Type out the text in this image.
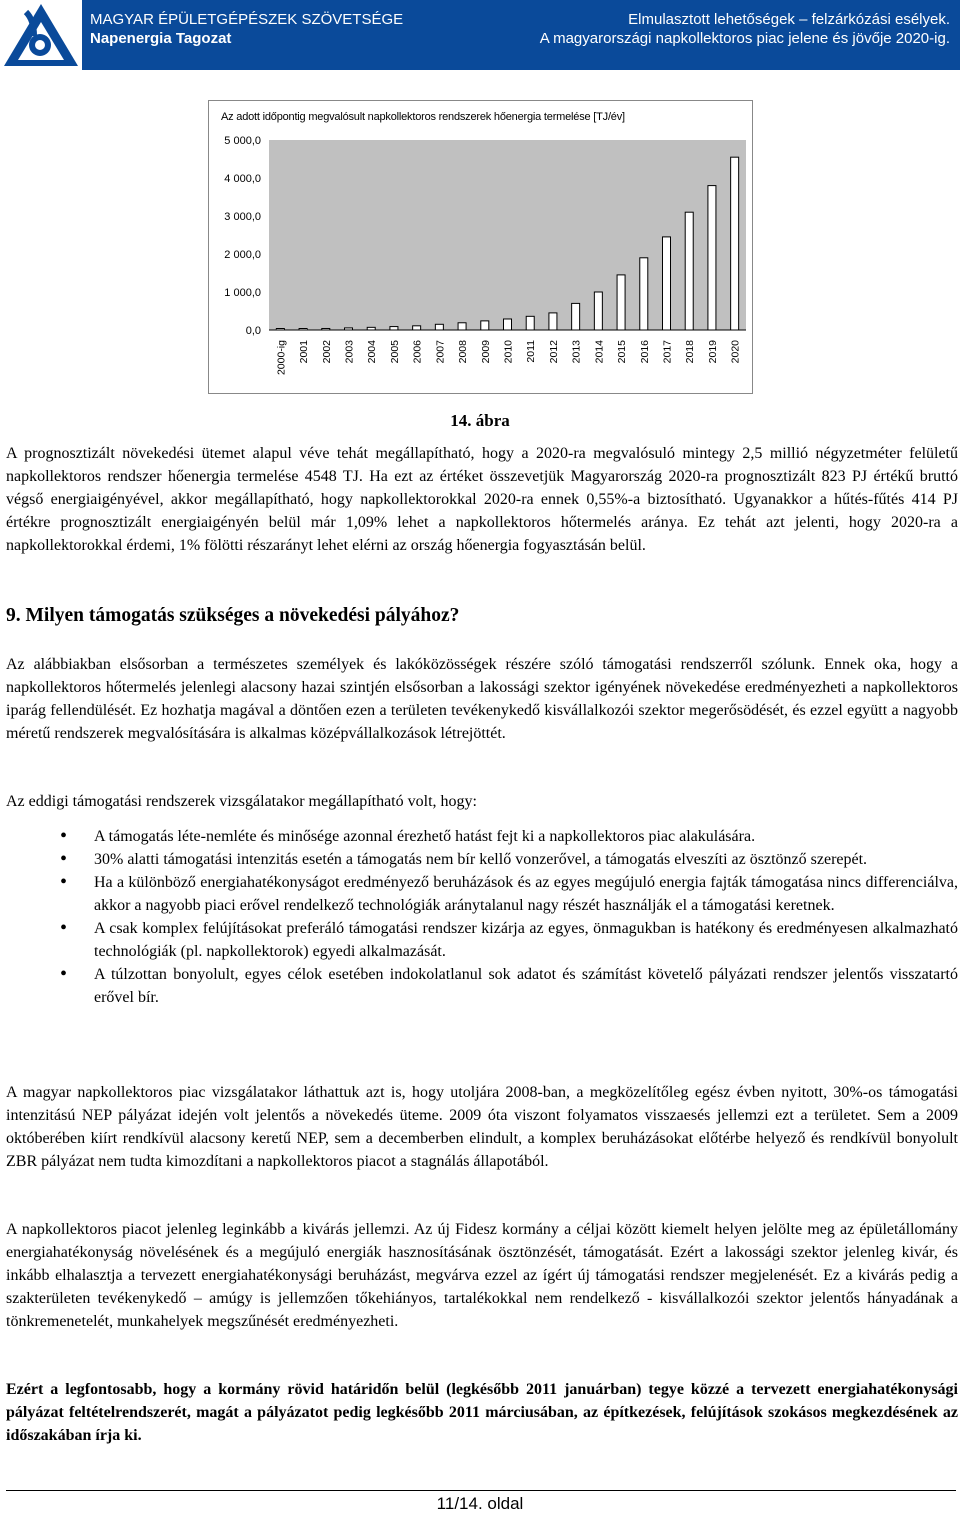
MAGYAR ÉPÜLETGÉPÉSZEK SZÖVETSÉGE
Napenergia Tagozat
Elmulasztott lehetőségek – felzárkózási esélyek.
A magyarországi napkollektoros piac jelene és jövője 2020-ig.
0,0
1 000,0
2 000,0
3 000,0
4 000,0
5 000,0
2000-ig 2001 2002 2003 2004 2005 2006 2007 2008 2009 2010 2011 2012 2013 2014 2015 2016 2017 2018 2019 2020
Az adott időpontig megvalósult napkollektoros rendszerek hőenergia termelése [TJ/év]
14. ábra

A prognosztizált növekedési ütemet alapul véve tehát megállapítható, hogy a 2020-ra megvalósuló mintegy 2,5 millió négyzetméter felületű napkollektoros rendszer hőenergia termelése 4548 TJ. Ha ezt az értéket összevetjük Magyarország 2020-ra prognosztizált 823 PJ értékű bruttó végső energiaigényével, akkor megállapítható, hogy napkollektorokkal 2020-ra ennek 0,55%-a biztosítható. Ugyanakkor a hűtés-fűtés 414 PJ értékre prognosztizált energiaigényén belül már 1,09% lehet a napkollektoros hőtermelés aránya. Ez tehát azt jelenti, hogy 2020-ra a napkollektorokkal érdemi, 1% fölötti részarányt lehet elérni az ország hőenergia fogyasztásán belül.

9. Milyen támogatás szükséges a növekedési pályához?

Az alábbiakban elsősorban a természetes személyek és lakóközösségek részére szóló támogatási rendszerről szólunk. Ennek oka, hogy a napkollektoros hőtermelés jelenlegi alacsony hazai szintjén elsősorban a lakossági szektor igényének növekedése eredményezheti a napkollektoros iparág fellendülését. Ez hozhatja magával a döntően ezen a területen tevékenykedő kisvállalkozói szektor megerősödését, és ezzel együtt a nagyobb méretű rendszerek megvalósítására is alkalmas középvállalkozások létrejöttét.

Az eddigi támogatási rendszerek vizsgálatakor megállapítható volt, hogy:

• A támogatás léte-nemléte és minősége azonnal érezhető hatást fejt ki a napkollektoros piac alakulására.
• 30% alatti támogatási intenzitás esetén a támogatás nem bír kellő vonzerővel, a támogatás elveszíti az ösztönző szerepét.
• Ha a különböző energiahatékonyságot eredményező beruházások és az egyes megújuló energia fajták támogatása nincs differenciálva, akkor a nagyobb piaci erővel rendelkező technológiák aránytalanul nagy részét használják el a támogatási keretnek.
• A csak komplex felújításokat preferáló támogatási rendszer kizárja az egyes, önmagukban is hatékony és eredményesen alkalmazható technológiák (pl. napkollektorok) egyedi alkalmazását.
• A túlzottan bonyolult, egyes célok esetében indokolatlanul sok adatot és számítást követelő pályázati rendszer jelentős visszatartó erővel bír.

A magyar napkollektoros piac vizsgálatakor láthattuk azt is, hogy utoljára 2008-ban, a megközelítőleg egész évben nyitott, 30%-os támogatási intenzitású NEP pályázat idején volt jelentős a növekedés üteme. 2009 óta viszont folyamatos visszaesés jellemzi ezt a területet. Sem a 2009 októberében kiírt rendkívül alacsony keretű NEP, sem a decemberben elindult, a komplex beruházásokat előtérbe helyező és rendkívül bonyolult ZBR pályázat nem tudta kimozdítani a napkollektoros piacot a stagnálás állapotából.

A napkollektoros piacot jelenleg leginkább a kivárás jellemzi. Az új Fidesz kormány a céljai között kiemelt helyen jelölte meg az épületállomány energiahatékonyság növelésének és a megújuló energiák hasznosításának ösztönzését, támogatását. Ezért a lakossági szektor jelenleg kivár, és inkább elhalasztja a tervezett energiahatékonysági beruházást, megvárva ezzel az ígért új támogatási rendszer megjelenését. Ez a kivárás pedig a szakterületen tevékenykedő – amúgy is jellemzően tőkehiányos, tartalékokkal nem rendelkező - kisvállalkozói szektor jelentős hányadának a tönkremenetelét, munkahelyek megszűnését eredményezheti.

Ezért a legfontosabb, hogy a kormány rövid határidőn belül (legkésőbb 2011 januárban) tegye közzé a tervezett energiahatékonysági pályázat feltételrendszerét, magát a pályázatot pedig legkésőbb 2011 márciusában, az építkezések, felújítások szokásos megkezdésének az időszakában írja ki.

11/14. oldal
